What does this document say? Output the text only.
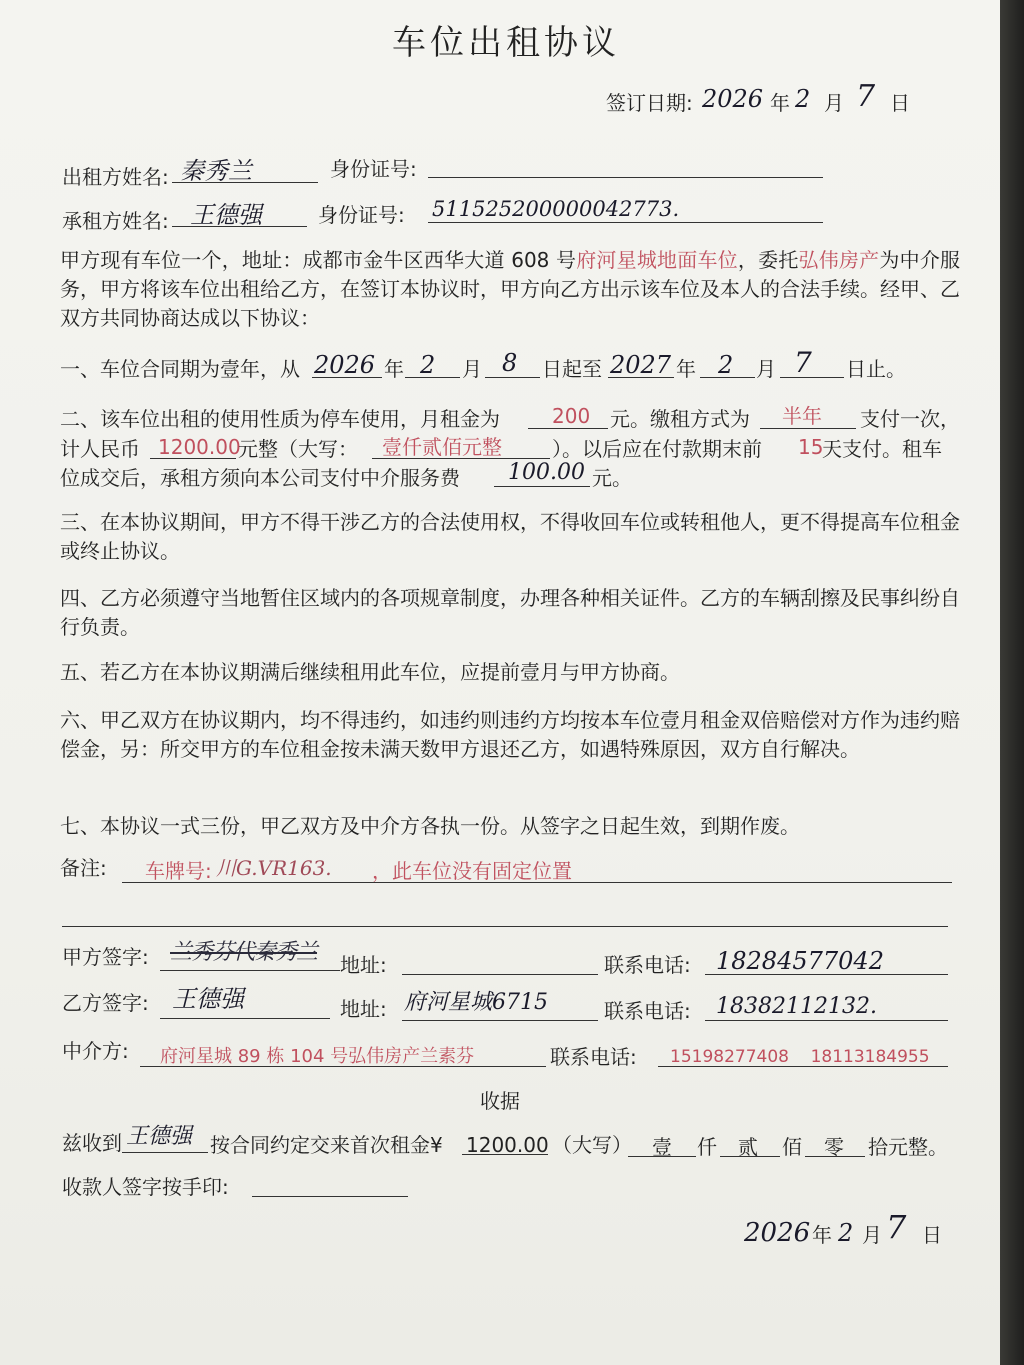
车位出租协议
签订日期: 2026 年 2 月 7 日
出租方姓名: 秦秀兰	身份证号:
承租方姓名: 王德强	身份证号: 511525200000042773.
甲方现有车位一个，地址：成都市金牛区西华大道 608 号府河星城地面车位，委托弘伟房产为中介服务，甲方将该车位出租给乙方，在签订本协议时，甲方向乙方出示该车位及本人的合法手续。经甲、乙双方共同协商达成以下协议：
一、车位合同期为壹年，从 2026 年 2 月 8 日起至 2027 年 2 月 7 日止。
二、该车位出租的使用性质为停车使用，月租金为	200 元。缴租方式为 半年 支付一次，
计人民币 1200.00
元整（大写： 壹仟贰佰元整	）。以后应在付款期末前 15
天支付。租车
位成交后，承租方须向本公司支付中介服务费 100.00 元。
三、在本协议期间，甲方不得干涉乙方的合法使用权，不得收回车位或转租他人，更不得提高车位租金或终止协议。
四、乙方必须遵守当地暂住区域内的各项规章制度，办理各种相关证件。乙方的车辆刮擦及民事纠纷自行负责。
五、若乙方在本协议期满后继续租用此车位，应提前壹月与甲方协商。
六、甲乙双方在协议期内，均不得违约，如违约则违约方均按本车位壹月租金双倍赔偿对方作为违约赔偿金，另：所交甲方的车位租金按未满天数甲方退还乙方，如遇特殊原因，双方自行解决。
七、本协议一式三份，甲乙双方及中介方各执一份。从签字之日起生效，到期作废。
备注: 车牌号: 川G.VR163. ，此车位没有固定位置
甲方签字: 兰秀芬代秦秀兰 地址:	联系电话: 18284577042
乙方签字: 王德强	地址: 府河星城6715	联系电话: 18382112132.
中介方: 府河星城 89 栋 104 号弘伟房产兰素芬	联系电话: 15198277408    18113184955
收据
兹收到 王德强 按合同约定交来首次租金¥ 1200.00 （大写） 壹 仟 贰 佰 零 拾元整。
收款人签字按手印:
2026 年 2 月 7 日
